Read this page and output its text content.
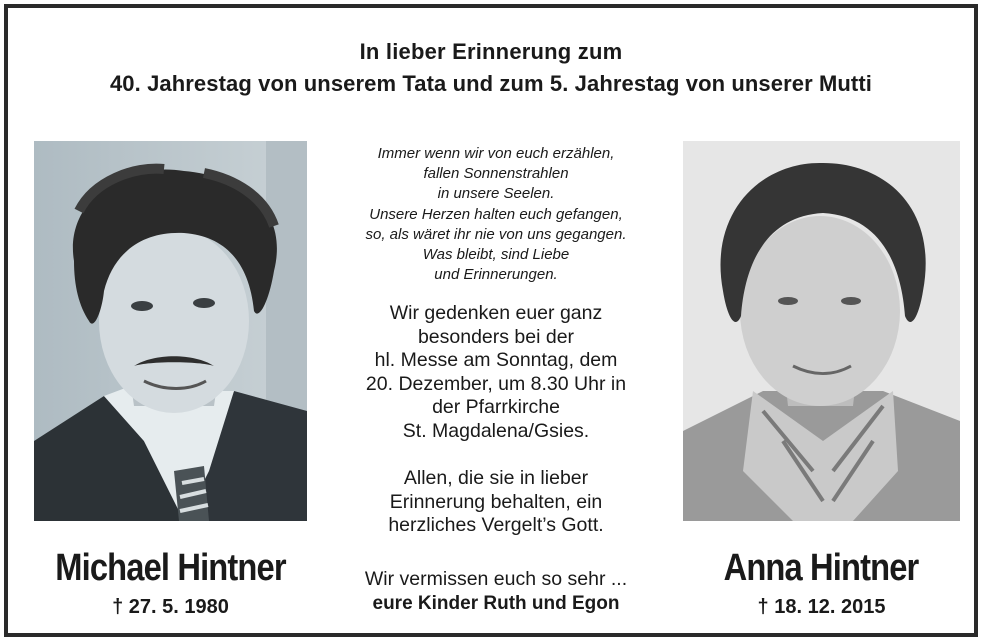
In lieber Erinnerung zum
40. Jahrestag von unserem Tata und zum 5. Jahrestag von unserer Mutti
Immer wenn wir von euch erzählen,
fallen Sonnenstrahlen
in unsere Seelen.
Unsere Herzen halten euch gefangen,
so, als wäret ihr nie von uns gegangen.
Was bleibt, sind Liebe
und Erinnerungen.
Wir gedenken euer ganz
besonders bei der
hl. Messe am Sonntag, dem
20. Dezember, um 8.30 Uhr in
der Pfarrkirche
St. Magdalena/Gsies.
Allen, die sie in lieber
Erinnerung behalten, ein
herzliches Vergelt’s Gott.
Wir vermissen euch so sehr ...
eure Kinder Ruth und Egon
Michael Hintner
† 27. 5. 1980
Anna Hintner
† 18. 12. 2015
